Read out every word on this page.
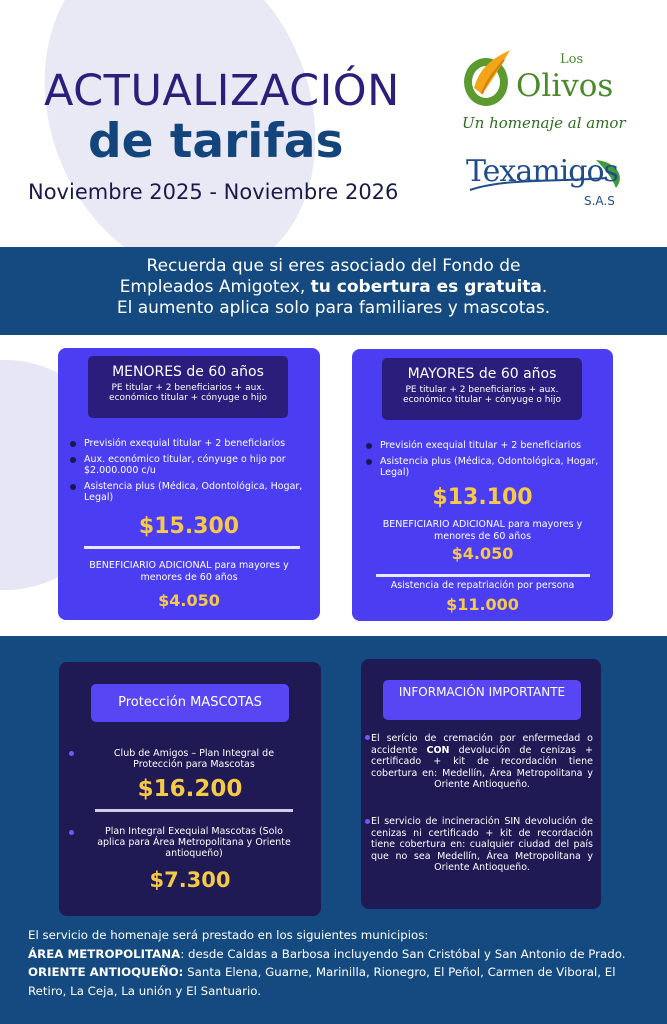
ACTUALIZACIÓN
de tarifas
Noviembre 2025 - Noviembre 2026
Los
Olivos
Un homenaje al amor
Texamigos
S.A.S
Recuerda que si eres asociado del Fondo de
Empleados Amigotex, tu cobertura es gratuita.
El aumento aplica solo para familiares y mascotas.
MENORES de 60 años
PE titular + 2 beneficiarios + aux. económico titular + cónyuge o hijo
Previsión exequial titular + 2 beneficiarios
Aux. económico titular, cónyuge o hijo por $2.000.000 c/u
Asistencia plus (Médica, Odontológica, Hogar, Legal)
$15.300
BENEFICIARIO ADICIONAL para mayores y menores de 60 años
$4.050
MAYORES de 60 años
PE titular + 2 beneficiarios + aux. económico titular + cónyuge o hijo
Previsión exequial titular + 2 beneficiarios
Asistencia plus (Médica, Odontológica, Hogar, Legal)
$13.100
BENEFICIARIO ADICIONAL para mayores y menores de 60 años
$4.050
Asistencia de repatriación por persona
$11.000
Protección MASCOTAS
Club de Amigos – Plan Integral de Protección para Mascotas
$16.200
Plan Integral Exequial Mascotas (Solo aplica para Área Metropolitana y Oriente antioqueño)
$7.300
INFORMACIÓN IMPORTANTE
El serício de cremación por enfermedad o accidente CON devolución de cenizas + certificado + kit de recordación tiene cobertura en: Medellín, Área Metropolitana y Oriente Antioqueño.
El servicio de incineración SIN devolución de cenizas ni certificado + kit de recordación tiene cobertura en: cualquier ciudad del país que no sea Medellín, Área Metropolitana y Oriente Antioqueño.
El servicio de homenaje será prestado en los siguientes municipios:
ÁREA METROPOLITANA: desde Caldas a Barbosa incluyendo San Cristóbal y San Antonio de Prado.
ORIENTE ANTIOQUEÑO: Santa Elena, Guarne, Marinilla, Rionegro, El Peñol, Carmen de Viboral, El Retiro, La Ceja, La unión y El Santuario.
